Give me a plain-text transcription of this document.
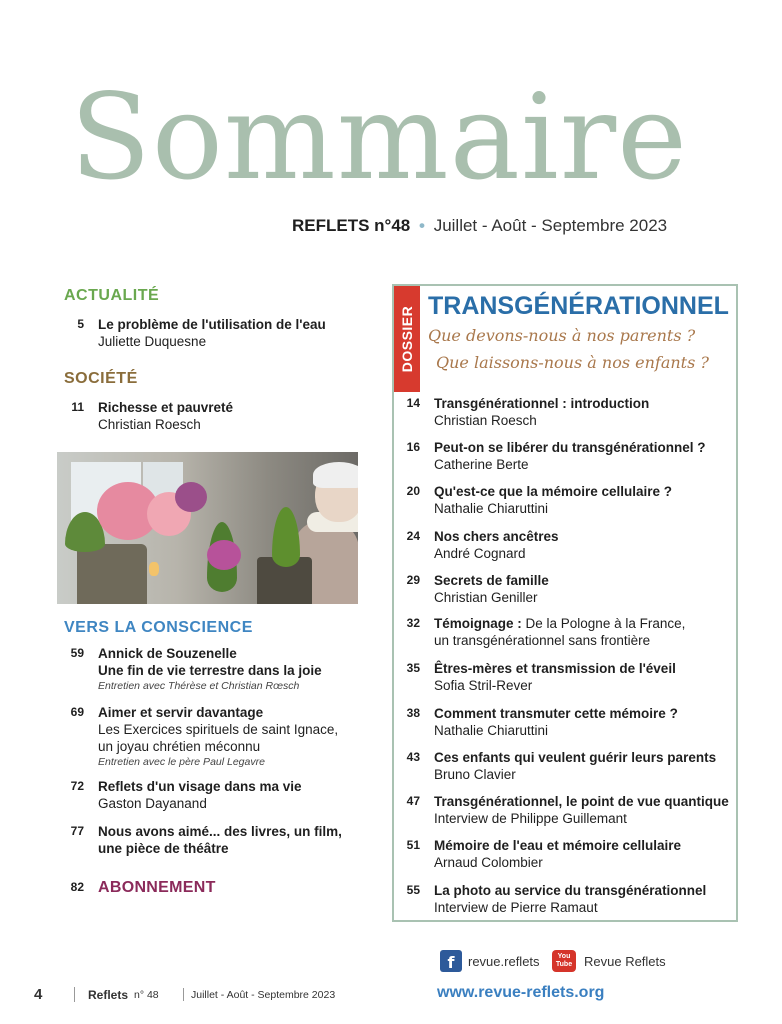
Sommaire
REFLETS n°48 • Juillet - Août - Septembre 2023
ACTUALITÉ
5 Le problème de l'utilisation de l'eau
Juliette Duquesne
SOCIÉTÉ
11 Richesse et pauvreté
Christian Roesch
VERS LA CONSCIENCE
59 Annick de Souzenelle
Une fin de vie terrestre dans la joie
Entretien avec Thérèse et Christian Rœsch
69 Aimer et servir davantage
Les Exercices spirituels de saint Ignace,
un joyau chrétien méconnu
Entretien avec le père Paul Legavre
72 Reflets d'un visage dans ma vie
Gaston Dayanand
77 Nous avons aimé... des livres, un film,
une pièce de théâtre
82 ABONNEMENT
DOSSIER TRANSGÉNÉRATIONNEL
Que devons-nous à nos parents ?
Que laissons-nous à nos enfants ?
14 Transgénérationnel : introduction
Christian Roesch
16 Peut-on se libérer du transgénérationnel ?
Catherine Berte
20 Qu'est-ce que la mémoire cellulaire ?
Nathalie Chiaruttini
24 Nos chers ancêtres
André Cognard
29 Secrets de famille
Christian Geniller
32 Témoignage : De la Pologne à la France,
un transgénérationnel sans frontière
35 Êtres-mères et transmission de l'éveil
Sofia Stril-Rever
38 Comment transmuter cette mémoire ?
Nathalie Chiaruttini
43 Ces enfants qui veulent guérir leurs parents
Bruno Clavier
47 Transgénérationnel, le point de vue quantique
Interview de Philippe Guillemant
51 Mémoire de l'eau et mémoire cellulaire
Arnaud Colombier
55 La photo au service du transgénérationnel
Interview de Pierre Ramaut
f	revue.reflets	You
Tube Revue Reflets
4	Reflets n° 48	Juillet - Août - Septembre 2023	www.revue-reflets.org
